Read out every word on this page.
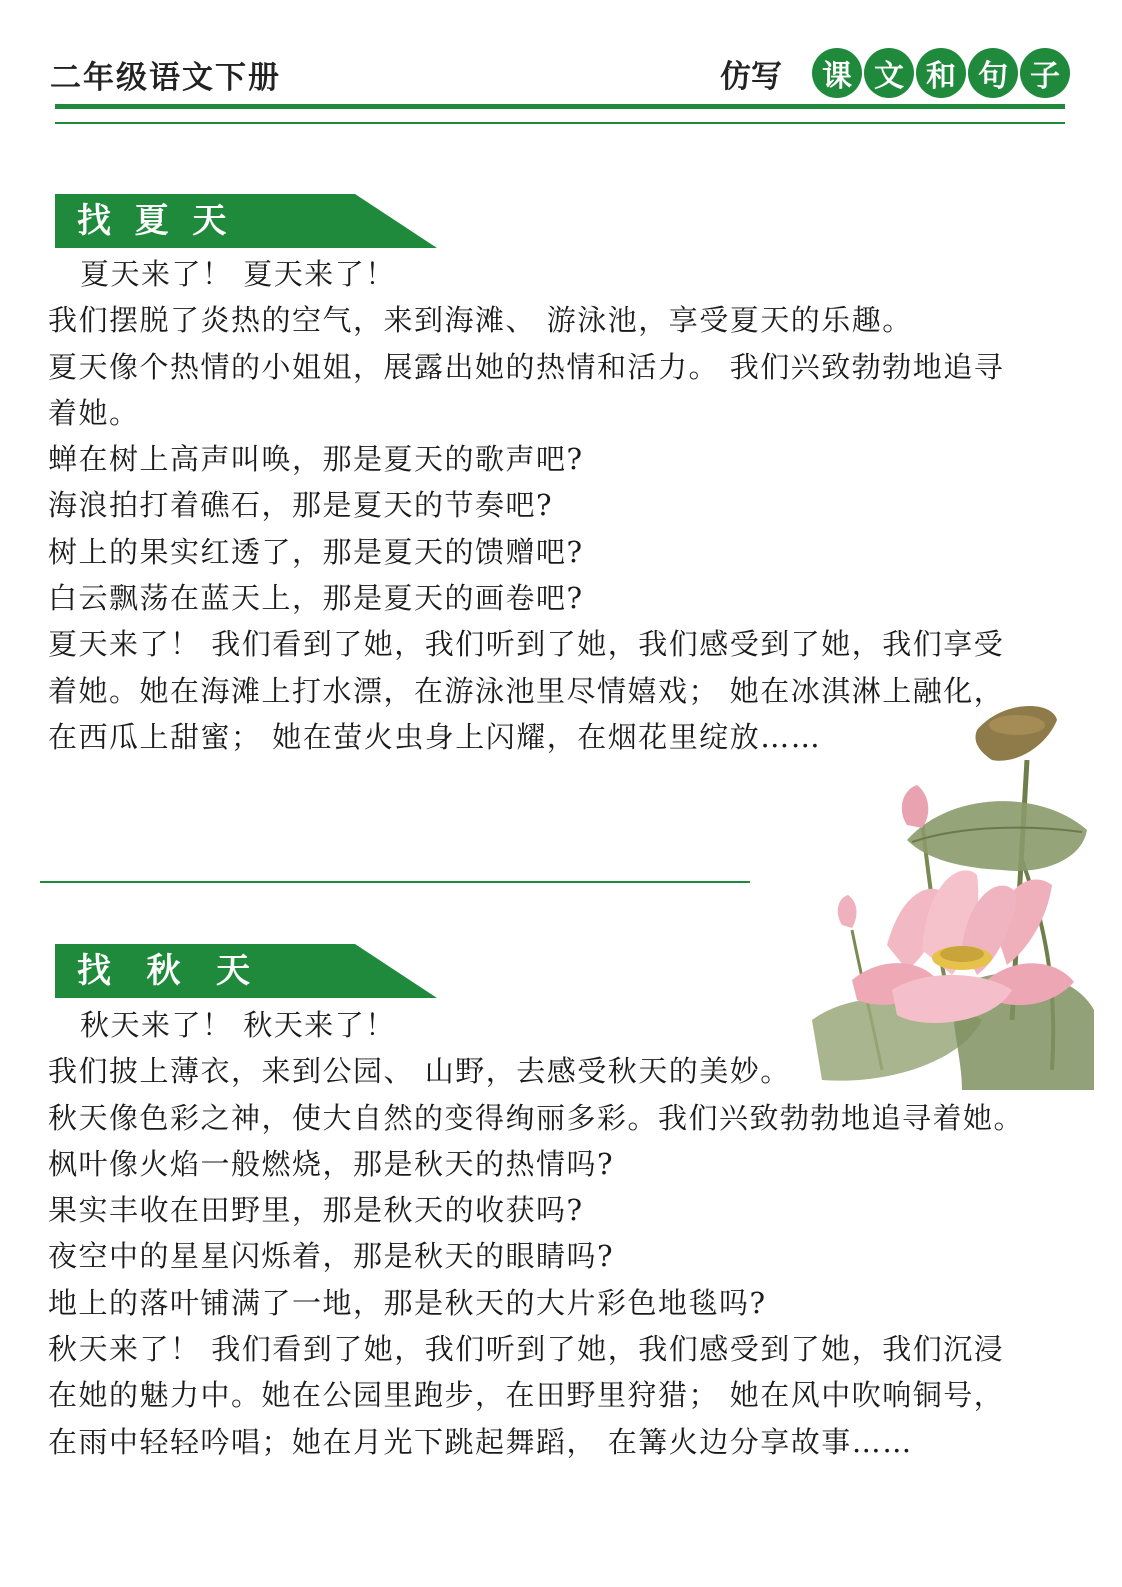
二年级语文下册	仿写	课 文 和 句 子
找  夏  天

夏天来了！ 夏天来了！

我们摆脱了炎热的空气，来到海滩、 游泳池，享受夏天的乐趣。

夏天像个热情的小姐姐，展露出她的热情和活力。 我们兴致勃勃地追寻

着她。

蝉在树上高声叫唤，那是夏天的歌声吧?

海浪拍打着礁石，那是夏天的节奏吧?

树上的果实红透了，那是夏天的馈赠吧?

白云飘荡在蓝天上，那是夏天的画卷吧?

夏天来了！ 我们看到了她，我们听到了她，我们感受到了她，我们享受

着她。她在海滩上打水漂，在游泳池里尽情嬉戏； 她在冰淇淋上融化，

在西瓜上甜蜜； 她在萤火虫身上闪耀，在烟花里绽放……

找   秋   天

秋天来了！ 秋天来了！

我们披上薄衣，来到公园、 山野，去感受秋天的美妙。

秋天像色彩之神，使大自然的变得绚丽多彩。我们兴致勃勃地追寻着她。

枫叶像火焰一般燃烧，那是秋天的热情吗?

果实丰收在田野里，那是秋天的收获吗?

夜空中的星星闪烁着，那是秋天的眼睛吗?

地上的落叶铺满了一地，那是秋天的大片彩色地毯吗?

秋天来了！ 我们看到了她，我们听到了她，我们感受到了她，我们沉浸

在她的魅力中。她在公园里跑步，在田野里狩猎； 她在风中吹响铜号，

在雨中轻轻吟唱；她在月光下跳起舞蹈， 在篝火边分享故事……
